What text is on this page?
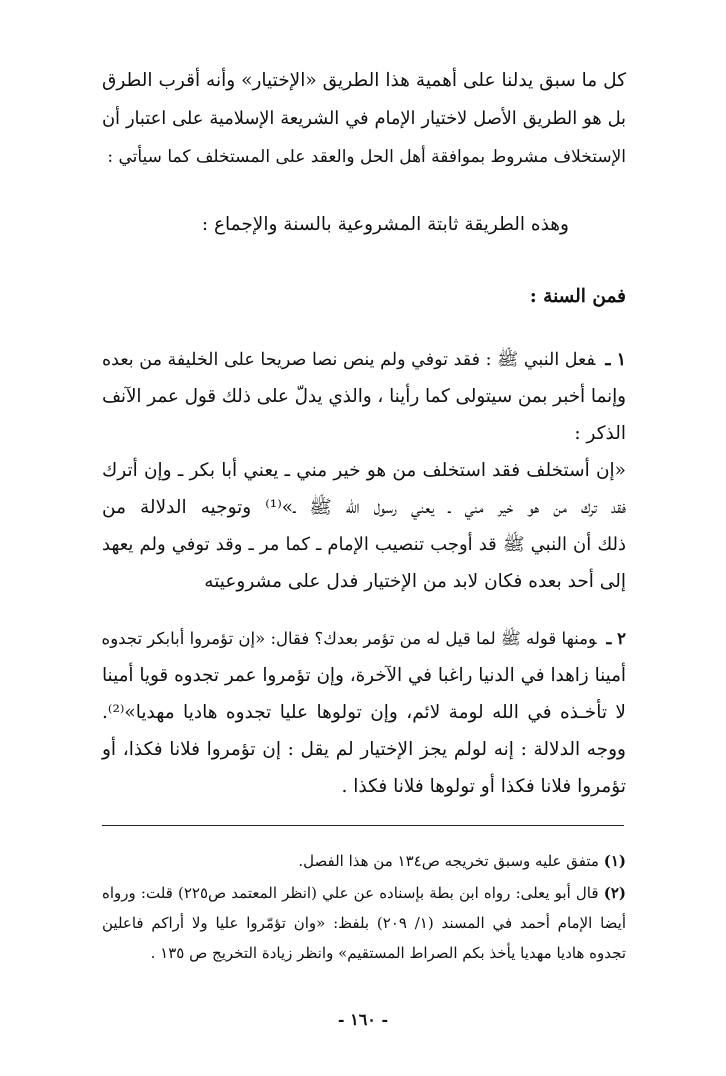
كل ما سبق يدلنا على أهمية هذا الطريق «الإختيار» وأنه أقرب الطرق
بل هو الطريق الأصل لاختيار الإمام في الشريعة الإسلامية على اعتبار أن
الإستخلاف مشروط بموافقة أهل الحل والعقد على المستخلف كما سيأتي :
وهذه الطريقة ثابتة المشروعية بالسنة والإجماع :
فمن السنة :
١ ـفعل النبي ﷺ : فقد توفي ولم ينص نصا صريحا على الخليفة من بعده
وإنما أخبر بمن سيتولى كما رأينا ، والذي يدلّ على ذلك قول عمر الآنف
الذكر :
«إن أستخلف فقد استخلف من هو خير مني ـ يعني أبا بكر ـ وإن أترك
فقد ترك من هو خير مني ـ يعني رسول الله ﷺ ـ»⁽¹⁾ وتوجيه الدلالة من
ذلك أن النبي ﷺ قد أوجب تنصيب الإمام ـ كما مر ـ وقد توفي ولم يعهد
إلى أحد بعده فكان لابد من الإختيار فدل على مشروعيته
٢ ـومنها قوله ﷺ لما قيل له من تؤمر بعدك؟ فقال: «إن تؤمروا أبابكر تجدوه
أمينا زاهدا في الدنيا راغبا في الآخرة، وإن تؤمروا عمر تجدوه قويا أمينا
لا تأخـذه في الله لومة لائم، وإن تولوها عليا تجدوه هاديا مهديا»⁽²⁾.
ووجه الدلالة : إنه لولم يجز الإختيار لم يقل : إن تؤمروا فلانا فكذا، أو
تؤمروا فلانا فكذا أو تولوها فلانا فكذا .
(١) متفق عليه وسبق تخريجه ص١٣٤ من هذا الفصل.
(٢) قال أبو يعلى: رواه ابن بطة بإسناده عن علي (انظر المعتمد ص٢٢٥) قلت: ورواه
أيضا الإمام أحمد في المسند (١/ ٢٠٩) بلفظ: «وان تؤمّروا عليا ولا أراكم فاعلين
تجدوه هاديا مهديا يأخذ بكم الصراط المستقيم» وانظر زيادة التخريج ص ١٣٥ .
- ١٦٠ -
